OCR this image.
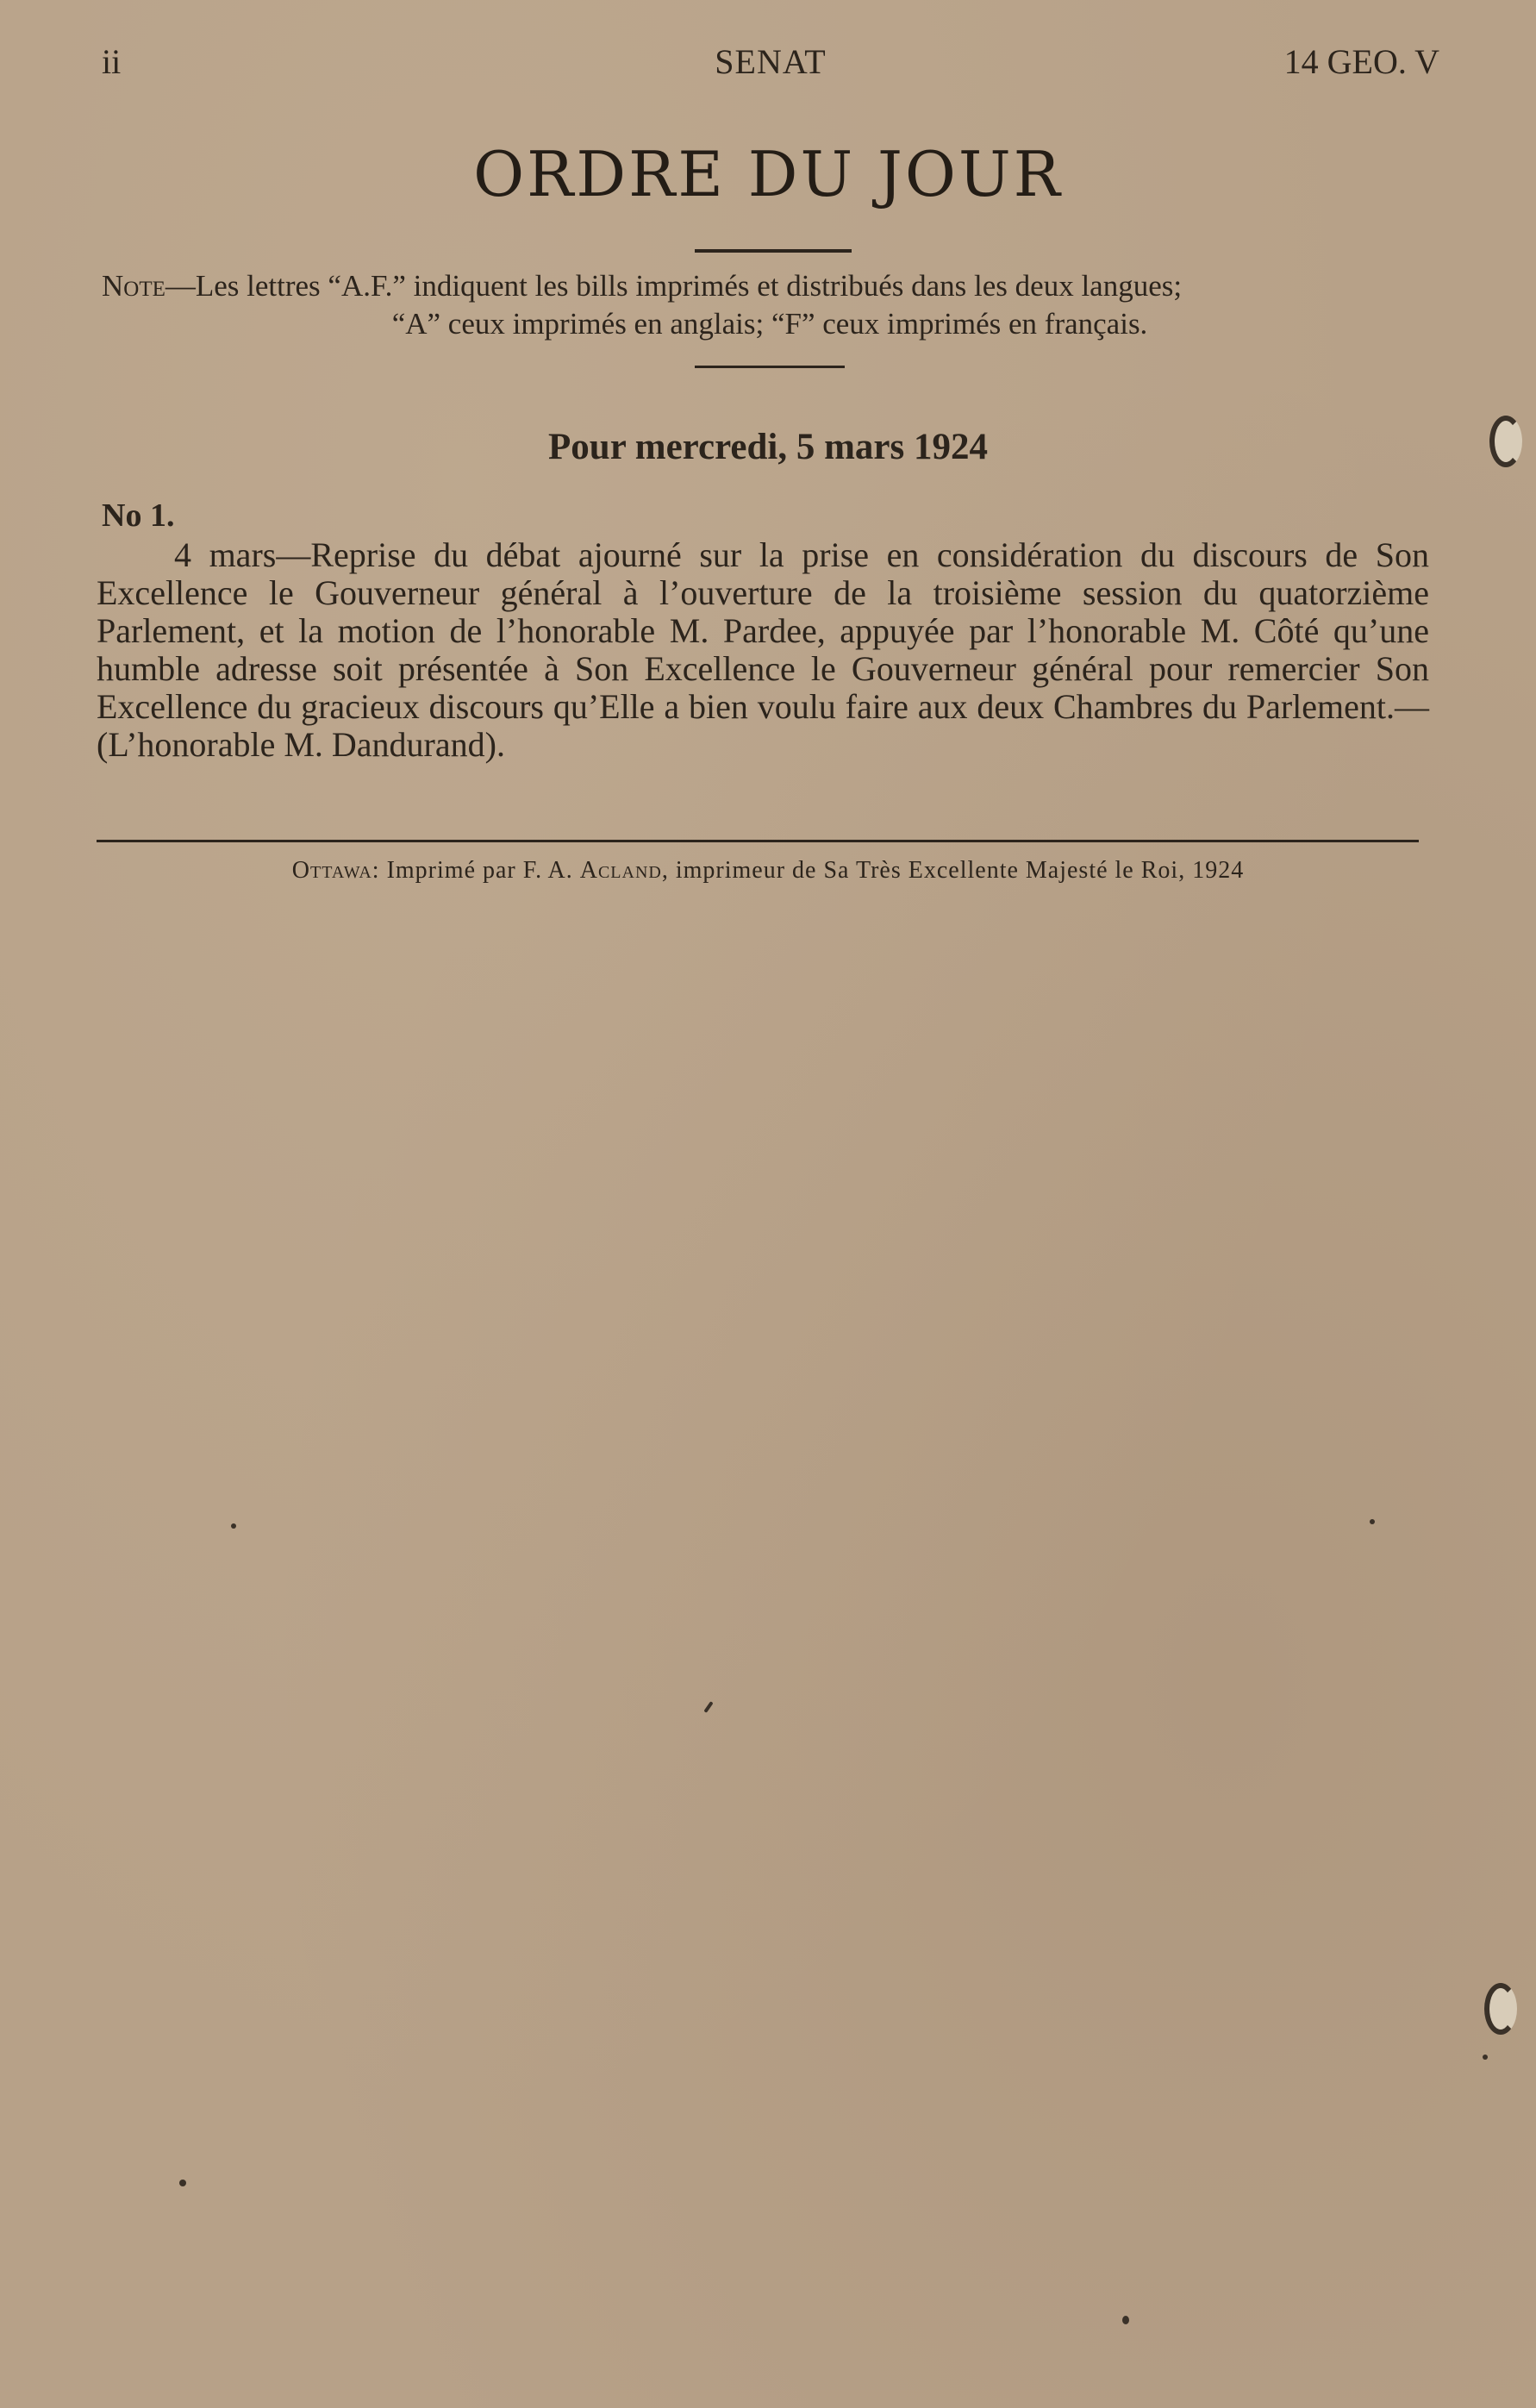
ii	SENAT	14 GEO. V
ORDRE DU JOUR
Note—Les lettres “A.F.” indiquent les bills imprimés et distribués dans les deux langues;
“A” ceux imprimés en anglais; “F” ceux imprimés en français.
Pour mercredi, 5 mars 1924
No 1.
4 mars—Reprise du débat ajourné sur la prise en considération du discours de Son Excellence le Gouverneur général à l’ouverture de la troisième session du quatorzième Parlement, et la motion de l’honorable M. Pardee, appuyée par l’honorable M. Côté qu’une humble adresse soit présentée à Son Excellence le Gouverneur général pour remercier Son Excellence du gracieux discours qu’Elle a bien voulu faire aux deux Chambres du Parlement.—(L’honorable M. Dandurand).
Ottawa: Imprimé par F. A. Acland, imprimeur de Sa Très Excellente Majesté le Roi, 1924
